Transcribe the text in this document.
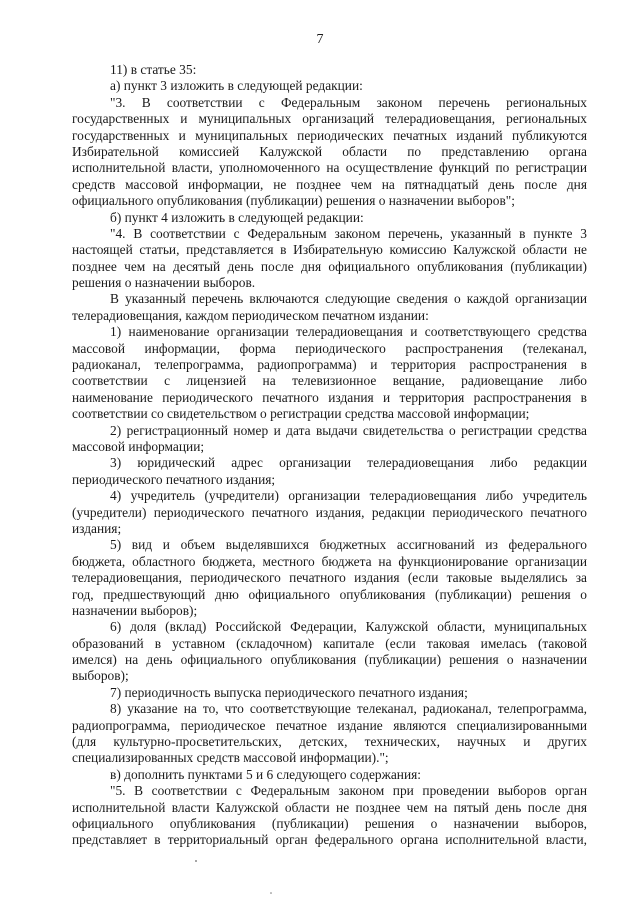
7
11) в статье 35:
а) пункт 3 изложить в следующей редакции:
"3. В соответствии с Федеральным законом перечень региональных
государственных и муниципальных организаций телерадиовещания, региональных
государственных и муниципальных периодических печатных изданий публикуются
Избирательной комиссией Калужской области по представлению органа
исполнительной власти, уполномоченного на осуществление функций по регистрации
средств массовой информации, не позднее чем на пятнадцатый день после дня
официального опубликования (публикации) решения о назначении выборов";
б) пункт 4 изложить в следующей редакции:
"4. В соответствии с Федеральным законом перечень, указанный в пункте 3
настоящей статьи, представляется в Избирательную комиссию Калужской области не
позднее чем на десятый день после дня официального опубликования (публикации)
решения о назначении выборов.
В указанный перечень включаются следующие сведения о каждой организации
телерадиовещания, каждом периодическом печатном издании:
1) наименование организации телерадиовещания и соответствующего средства
массовой информации, форма периодического распространения (телеканал,
радиоканал, телепрограмма, радиопрограмма) и территория распространения в
соответствии с лицензией на телевизионное вещание, радиовещание либо
наименование периодического печатного издания и территория распространения в
соответствии со свидетельством о регистрации средства массовой информации;
2) регистрационный номер и дата выдачи свидетельства о регистрации средства
массовой информации;
3) юридический адрес организации телерадиовещания либо редакции
периодического печатного издания;
4) учредитель (учредители) организации телерадиовещания либо учредитель
(учредители) периодического печатного издания, редакции периодического печатного
издания;
5) вид и объем выделявшихся бюджетных ассигнований из федерального
бюджета, областного бюджета, местного бюджета на функционирование организации
телерадиовещания, периодического печатного издания (если таковые выделялись за
год, предшествующий дню официального опубликования (публикации) решения о
назначении выборов);
6) доля (вклад) Российской Федерации, Калужской области, муниципальных
образований в уставном (складочном) капитале (если таковая имелась (таковой
имелся) на день официального опубликования (публикации) решения о назначении
выборов);
7) периодичность выпуска периодического печатного издания;
8) указание на то, что соответствующие телеканал, радиоканал, телепрограмма,
радиопрограмма, периодическое печатное издание являются специализированными
(для культурно-просветительских, детских, технических, научных и других
специализированных средств массовой информации).";
в) дополнить пунктами 5 и 6 следующего содержания:
"5. В соответствии с Федеральным законом при проведении выборов орган
исполнительной власти Калужской области не позднее чем на пятый день после дня
официального опубликования (публикации) решения о назначении выборов,
представляет в территориальный орган федерального органа исполнительной власти,
